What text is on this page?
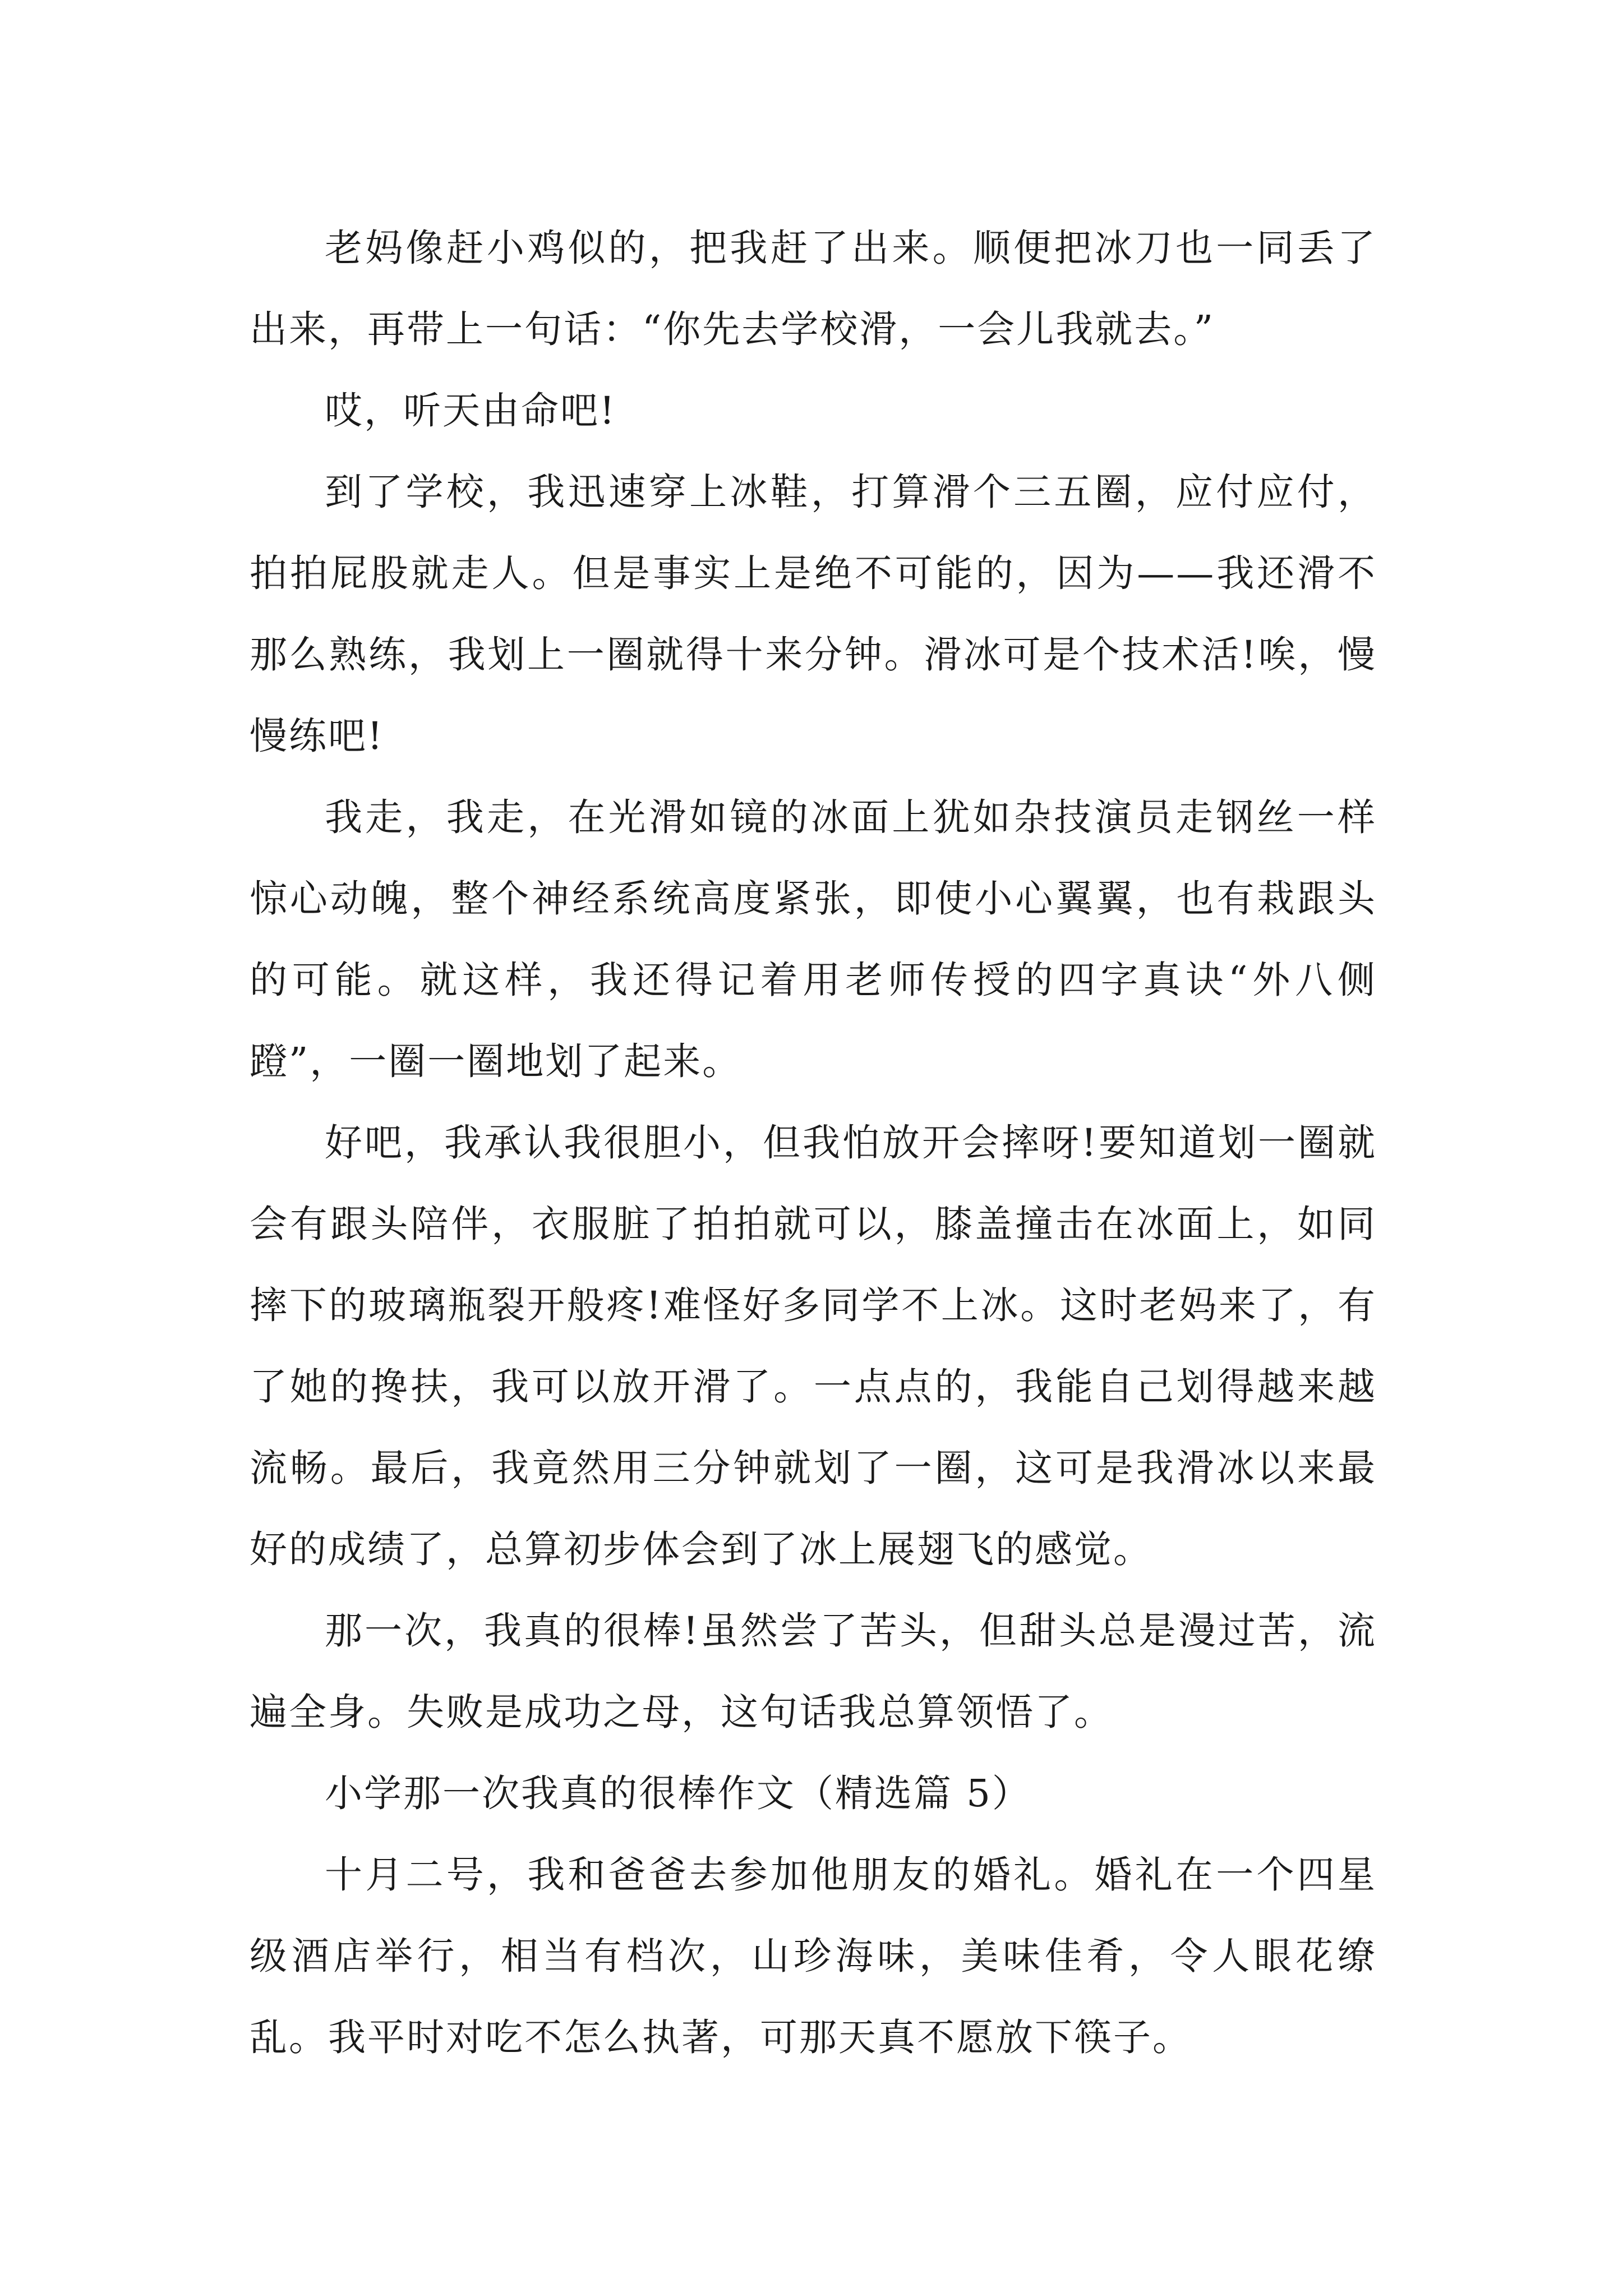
老妈像赶小鸡似的，把我赶了出来。顺便把冰刀也一同丢了出来，再带上一句话：“你先去学校滑，一会儿我就去。”

哎，听天由命吧!

到了学校，我迅速穿上冰鞋，打算滑个三五圈，应付应付，拍拍屁股就走人。但是事实上是绝不可能的，因为——我还滑不那么熟练，我划上一圈就得十来分钟。滑冰可是个技术活!唉，慢慢练吧!

我走，我走，在光滑如镜的冰面上犹如杂技演员走钢丝一样惊心动魄，整个神经系统高度紧张，即使小心翼翼，也有栽跟头的可能。就这样，我还得记着用老师传授的四字真诀“外八侧蹬”，一圈一圈地划了起来。

好吧，我承认我很胆小，但我怕放开会摔呀!要知道划一圈就会有跟头陪伴，衣服脏了拍拍就可以，膝盖撞击在冰面上，如同摔下的玻璃瓶裂开般疼!难怪好多同学不上冰。这时老妈来了，有了她的搀扶，我可以放开滑了。一点点的，我能自己划得越来越流畅。最后，我竟然用三分钟就划了一圈，这可是我滑冰以来最好的成绩了，总算初步体会到了冰上展翅飞的感觉。

那一次，我真的很棒!虽然尝了苦头，但甜头总是漫过苦，流遍全身。失败是成功之母，这句话我总算领悟了。

小学那一次我真的很棒作文（精选篇 5）

十月二号，我和爸爸去参加他朋友的婚礼。婚礼在一个四星级酒店举行，相当有档次，山珍海味，美味佳肴，令人眼花缭乱。我平时对吃不怎么执著，可那天真不愿放下筷子。
